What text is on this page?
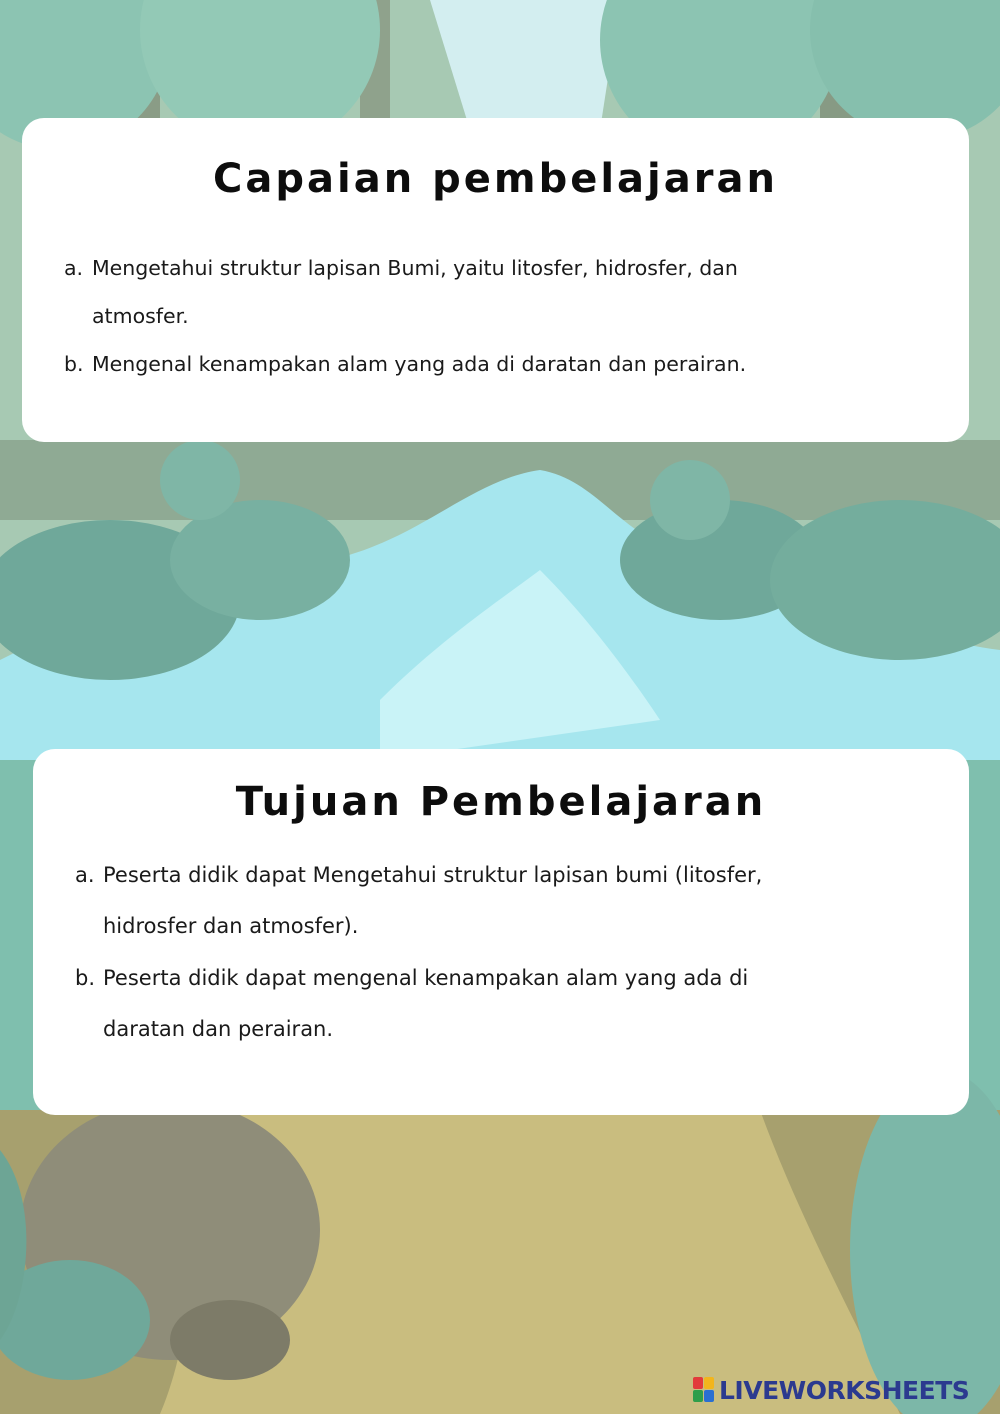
Capaian pembelajaran

a. Mengetahui struktur lapisan Bumi, yaitu litosfer, hidrosfer, dan
atmosfer.

b. Mengenal kenampakan alam yang ada di daratan dan perairan.

Tujuan Pembelajaran

a. Peserta didik dapat Mengetahui struktur lapisan bumi (litosfer,
hidrosfer dan atmosfer).

b. Peserta didik dapat mengenal kenampakan alam yang ada di
daratan dan perairan.

LIVEWORKSHEETS
